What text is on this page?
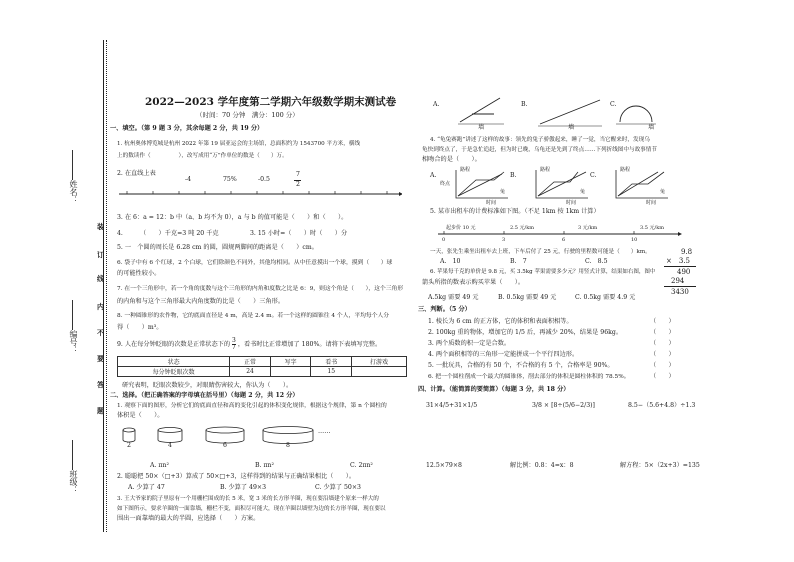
姓名：
编号：
班级：
装
订
线
内
不
要
答
题
2022—2023 学年度第二学期六年级数学期末测试卷
（时间：70 分钟　满分：100 分）
一、填空。（第 9 题 3 分，其余每题 2 分，共 19 分）
1. 杭州奥体博览城是杭州 2022 年第 19 届亚运会的主场馆，总面积约为 1543700 平方米，横线
上的数读作（　　　　　），改写成用“万”作单位的数是（　　）万。
2. 在直线上表
-4	75%	-0.5
7
2
3. 在 6：a = 12：b 中（a、b 均不为 0），a 与 b 的值可能是（　　）和（　　）。
4.	（　　）千克=3 吨 20 千克	3. 15 小时=（　　）时（　　）分
5. 一　个圆的周长是 6.28 cm 的圆，圆规两脚间的距离是（　　）cm。
6. 袋子中有 6 个红球，2 个白球，它们除颜色不同外，其他均相同。从中任意摸出一个球，摸到（　　）球
的可能性较小。
7. 在一个三角形中，若一个角的度数与这个三角形的内角和度数之比是 6：9，则这个角是（　　），这个三角形
的内角和与这个三角形最大内角度数的比是（　　）三角形。
8. 一种圆锥形的农作物，它的底面直径是 4 m，高是 2.4 m。若一个这样的圆锥往 4 个人，平均每个人分
得（　　）m³。
9. 人在每分钟眨眼的次数是正常状态下的 $\frac{3}{7}$ ，看书时比正常增加了 180%。请将下表填写完整。
状态	正常	写字	看书	打游戏
每分钟眨眼次数	24		15	
研究表明，眨眼次数较少，对眼睛伤害较大，你认为（　　）。
二、选择。（把正确答案的字母填在括号里）（每题 2 分，共 12 分）
1. 观察下面的图形，分析它们的底面直径和高的变化引起的体积变化规律，根据这个规律，第 n 个圆柱的
体积是（　　）。
2	4	6	8
……
A. πn²	B. πn²	C. 2πn²
2. 聪聪把 50×（□+3）算成了 50×□+3，这样得到的结果与正确结果相比（　　）。
A. 少算了 47	B. 少算了 49×3	C. 少算了 50×3
3. 王大爷家的院子里原有一个用栅栏围成的长 5 米，宽 3 米的长方形羊圈，现在要沿墙建个原来一样大的
如下图所示，要求羊圈的一面靠墙，栅栏不变，面积尽可能大，现在羊圈以墙壁为边的长方形羊圈，现在要以
围出一面靠墙的最大的半圆，应选择（　　）方案。
A.	B.	C.
墙	墙	墙
4. “龟兔赛跑”讲述了这样的故事：领先的兔子骄傲起来，睡了一觉，当它醒来时，发现乌
龟快到终点了，于是急忙追赶，但为时已晚，乌龟还是先到了终点……下列折线图中与故事情节
相吻合的是（　　）。
A.	B.	C.
终点
路程	路程	路程
时间	时间	时间
兔	兔	兔
5. 某市出租车的计费标准如下图。（不足 1km 按 1km 计算）
起步价 10 元	2.5 元/km	3 元/km	3.5 元/km
0	3	6	10
一天，张先生乘坐出租车去上班，下车后付了 25 元，行驶的里程数可能是（　　）km。
A.　10	B.　7	C.　8.5
9.8
×　3.5
490
294
3430
6. 苹果每千克的单价是 9.8 元，买 3.5kg 苹果需要多少元？用竖式计算，结果如右图，图中
箭头所指的数表示购买苹果（　　）。
A.5kg 需要 49 元	B. 0.5kg 需要 49 元	C. 0.5kg 需要 4.9 元
三、判断。（5 分）
1. 棱长为 6 cm 的正方体，它的体积和表面积相等。
2. 100kg 重的物体，增加它的 1/5 后，再减少 20%，结果是 96kg。
3. 两个质数的积一定是合数。
4. 两个面积相等的三角形一定能拼成一个平行四边形。
5. 一批玩具，合格的有 50 个，不合格的有 5 个，合格率是 90%。
6. 把一个圆柱削成一个最大的圆锥体，削去部分的体积是圆柱体积的 78.5%。
（　　）
（　　）
（　　）
（　　）
（　　）
（　　）
四、计算。（能简算的要简算）（每题 3 分，共 18 分）
31×4/5+31×1/5	3/8 × [8÷(5/6−2/3)]	8.5−（5.6+4.8）÷1.3
12.5×79×8	解比例：0.8：4=x：8	解方程：5×（2x+3）=135
